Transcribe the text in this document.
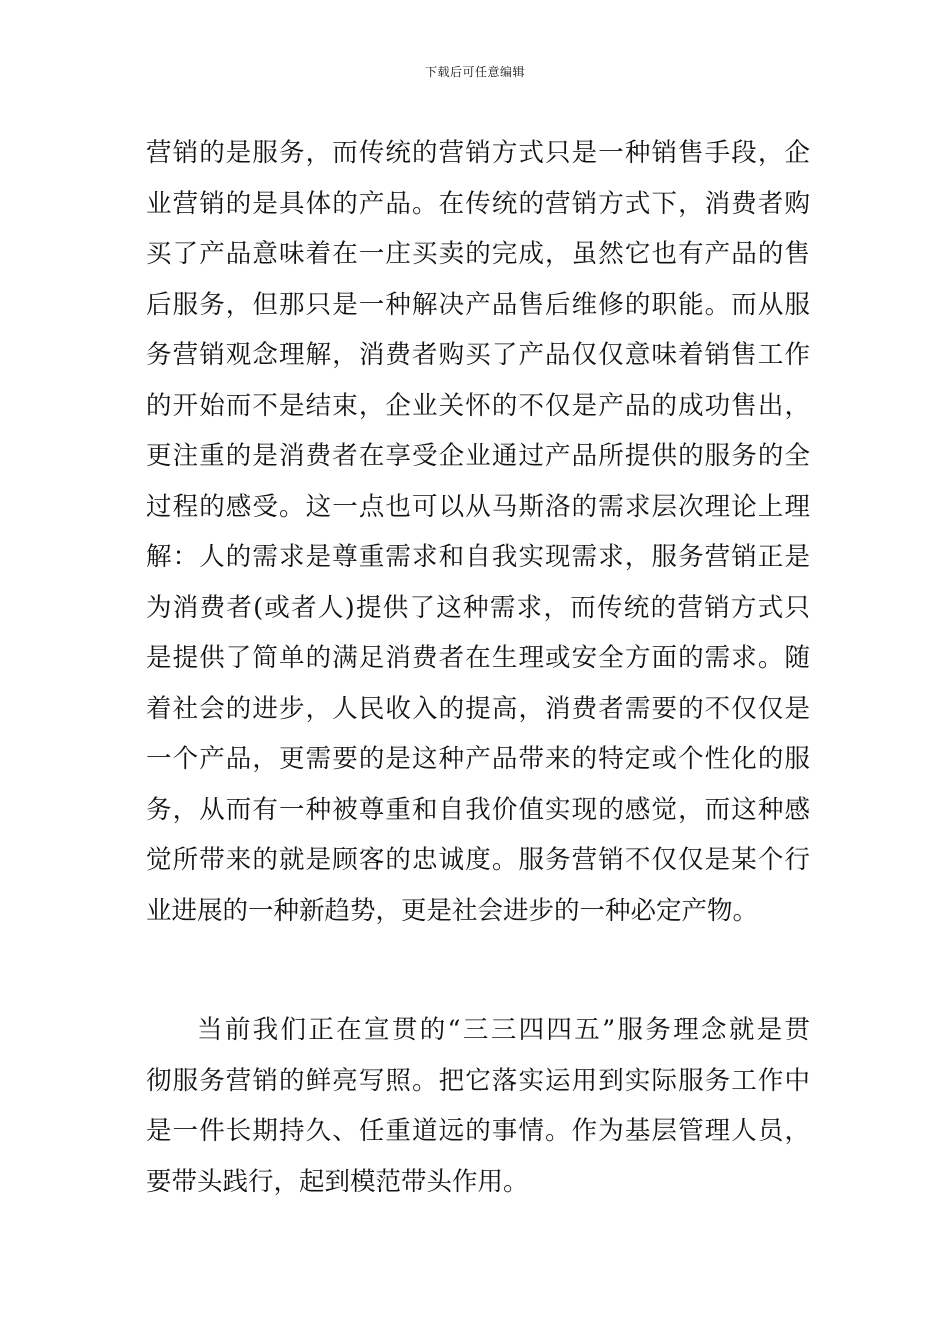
下载后可任意编辑
营销的是服务，而传统的营销方式只是一种销售手段，企
业营销的是具体的产品。在传统的营销方式下，消费者购
买了产品意味着在一庄买卖的完成，虽然它也有产品的售
后服务，但那只是一种解决产品售后维修的职能。而从服
务营销观念理解，消费者购买了产品仅仅意味着销售工作
的开始而不是结束，企业关怀的不仅是产品的成功售出，
更注重的是消费者在享受企业通过产品所提供的服务的全
过程的感受。这一点也可以从马斯洛的需求层次理论上理
解：人的需求是尊重需求和自我实现需求，服务营销正是
为消费者(或者人)提供了这种需求，而传统的营销方式只
是提供了简单的满足消费者在生理或安全方面的需求。随
着社会的进步，人民收入的提高，消费者需要的不仅仅是
一个产品，更需要的是这种产品带来的特定或个性化的服
务，从而有一种被尊重和自我价值实现的感觉，而这种感
觉所带来的就是顾客的忠诚度。服务营销不仅仅是某个行
业进展的一种新趋势，更是社会进步的一种必定产物。
当前我们正在宣贯的“三三四四五”服务理念就是贯
彻服务营销的鲜亮写照。把它落实运用到实际服务工作中
是一件长期持久、任重道远的事情。作为基层管理人员，
要带头践行，起到模范带头作用。
